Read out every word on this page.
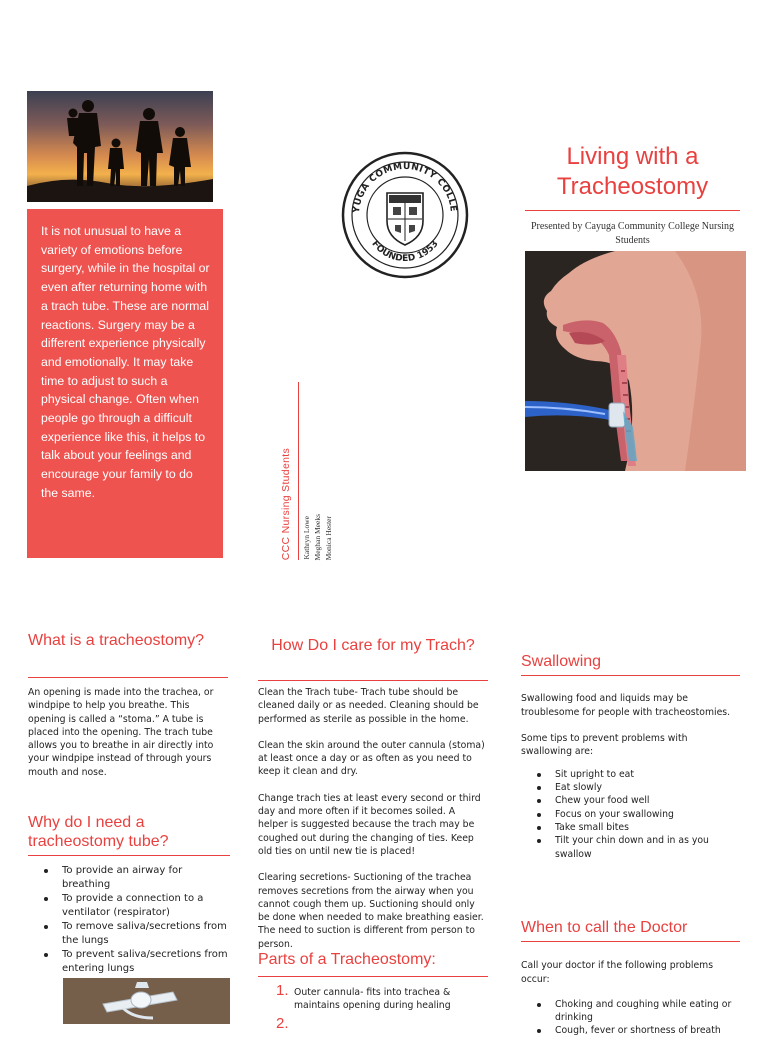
It is not unusual to have a variety of emotions before surgery, while in the hospital or even after returning home with a trach tube. These are normal reactions. Surgery may be a different experience physically and emotionally. It may take time to adjust to such a physical change. Often when people go through a difficult experience like this, it helps to talk about your feelings and encourage your family to do the same.	CCC Nursing Students Kathryn Lowe Meghan Meeks Monica Hester
YUGA COMMUNITY COLLE
FOUNDED 1953
Living with a Tracheostomy
Presented by Cayuga Community College Nursing Students
What is a tracheostomy?

An opening is made into the trachea, or windpipe to help you breathe. This opening is called a “stoma.” A tube is placed into the opening. The trach tube allows you to breathe in air directly into your windpipe instead of through yours mouth and nose.

Why do I need a tracheostomy tube?
To provide an airway for breathing
To provide a connection to a ventilator (respirator)
To remove saliva/secretions from the lungs
To prevent saliva/secretions from entering lungs
How Do I care for my Trach?

Clean the Trach tube- Trach tube should be cleaned daily or as needed. Cleaning should be performed as sterile as possible in the home.

Clean the skin around the outer cannula (stoma) at least once a day or as often as you need to keep it clean and dry.

Change trach ties at least every second or third day and more often if it becomes soiled. A helper is suggested because the trach may be coughed out during the changing of ties. Keep old ties on until new tie is placed!

Clearing secretions- Suctioning of the trachea removes secretions from the airway when you cannot cough them up. Suctioning should only be done when needed to make breathing easier. The need to suction is different from person to person.

Parts of a Tracheostomy:
1. Outer cannula- fits into trachea & maintains opening during healing
2.
Swallowing

Swallowing food and liquids may be troublesome for people with tracheostomies.

Some tips to prevent problems with swallowing are:

Sit upright to eat
Eat slowly
Chew your food well
Focus on your swallowing
Take small bites
Tilt your chin down and in as you swallow
When to call the Doctor

Call your doctor if the following problems occur:

Choking and coughing while eating or drinking
Cough, fever or shortness of breath
